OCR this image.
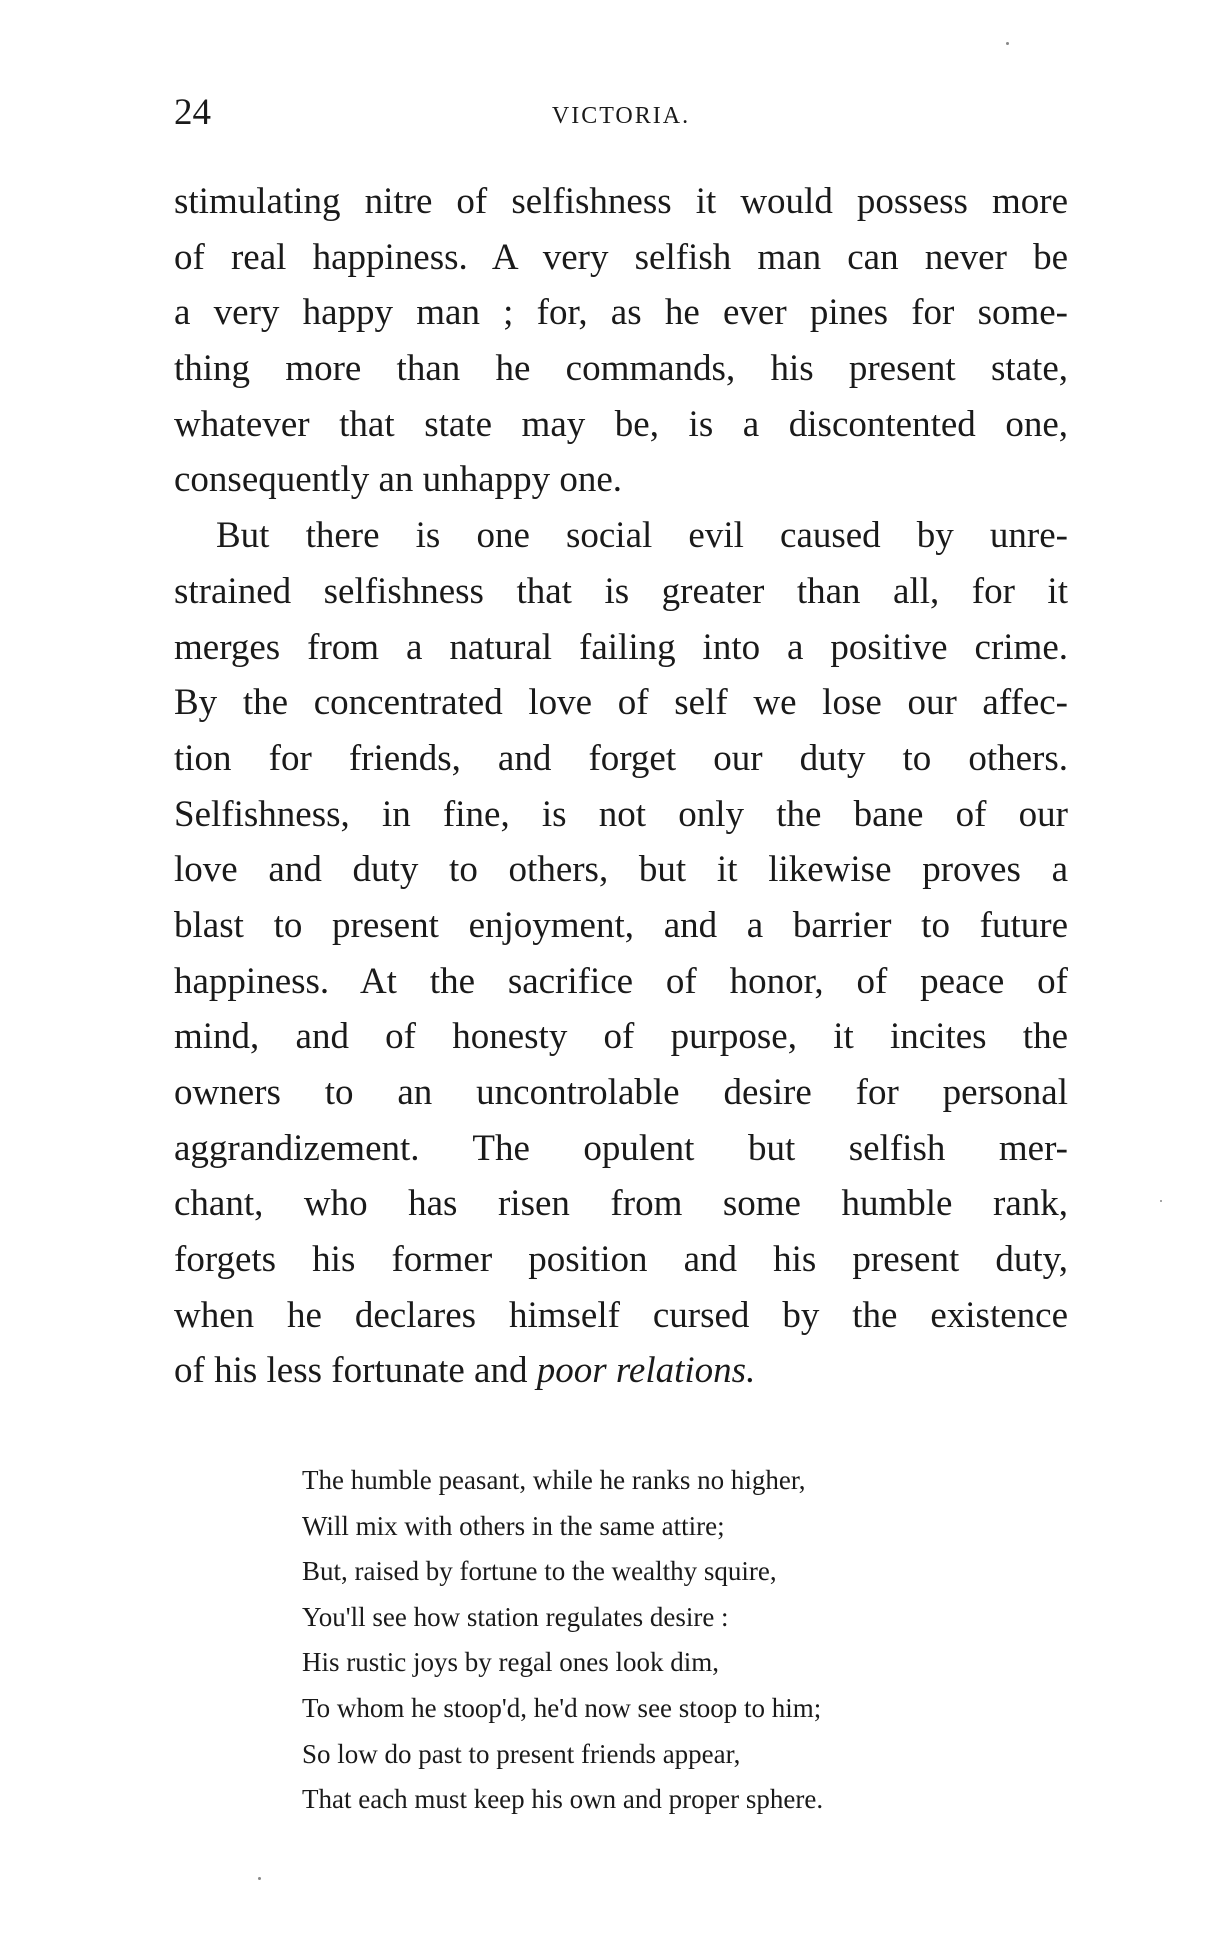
24	VICTORIA.
stimulating nitre of selfishness it would possess more
of real happiness. A very selfish man can never be
a very happy man ; for, as he ever pines for some-
thing more than he commands, his present state,
whatever that state may be, is a discontented one,
consequently an unhappy one.
But there is one social evil caused by unre-
strained selfishness that is greater than all, for it
merges from a natural failing into a positive crime.
By the concentrated love of self we lose our affec-
tion for friends, and forget our duty to others.
Selfishness, in fine, is not only the bane of our
love and duty to others, but it likewise proves a
blast to present enjoyment, and a barrier to future
happiness. At the sacrifice of honor, of peace of
mind, and of honesty of purpose, it incites the
owners to an uncontrolable desire for personal
aggrandizement. The opulent but selfish mer-
chant, who has risen from some humble rank,
forgets his former position and his present duty,
when he declares himself cursed by the existence
of his less fortunate and poor relations.
The humble peasant, while he ranks no higher,
Will mix with others in the same attire;
But, raised by fortune to the wealthy squire,
You'll see how station regulates desire :
His rustic joys by regal ones look dim,
To whom he stoop'd, he'd now see stoop to him;
So low do past to present friends appear,
That each must keep his own and proper sphere.
